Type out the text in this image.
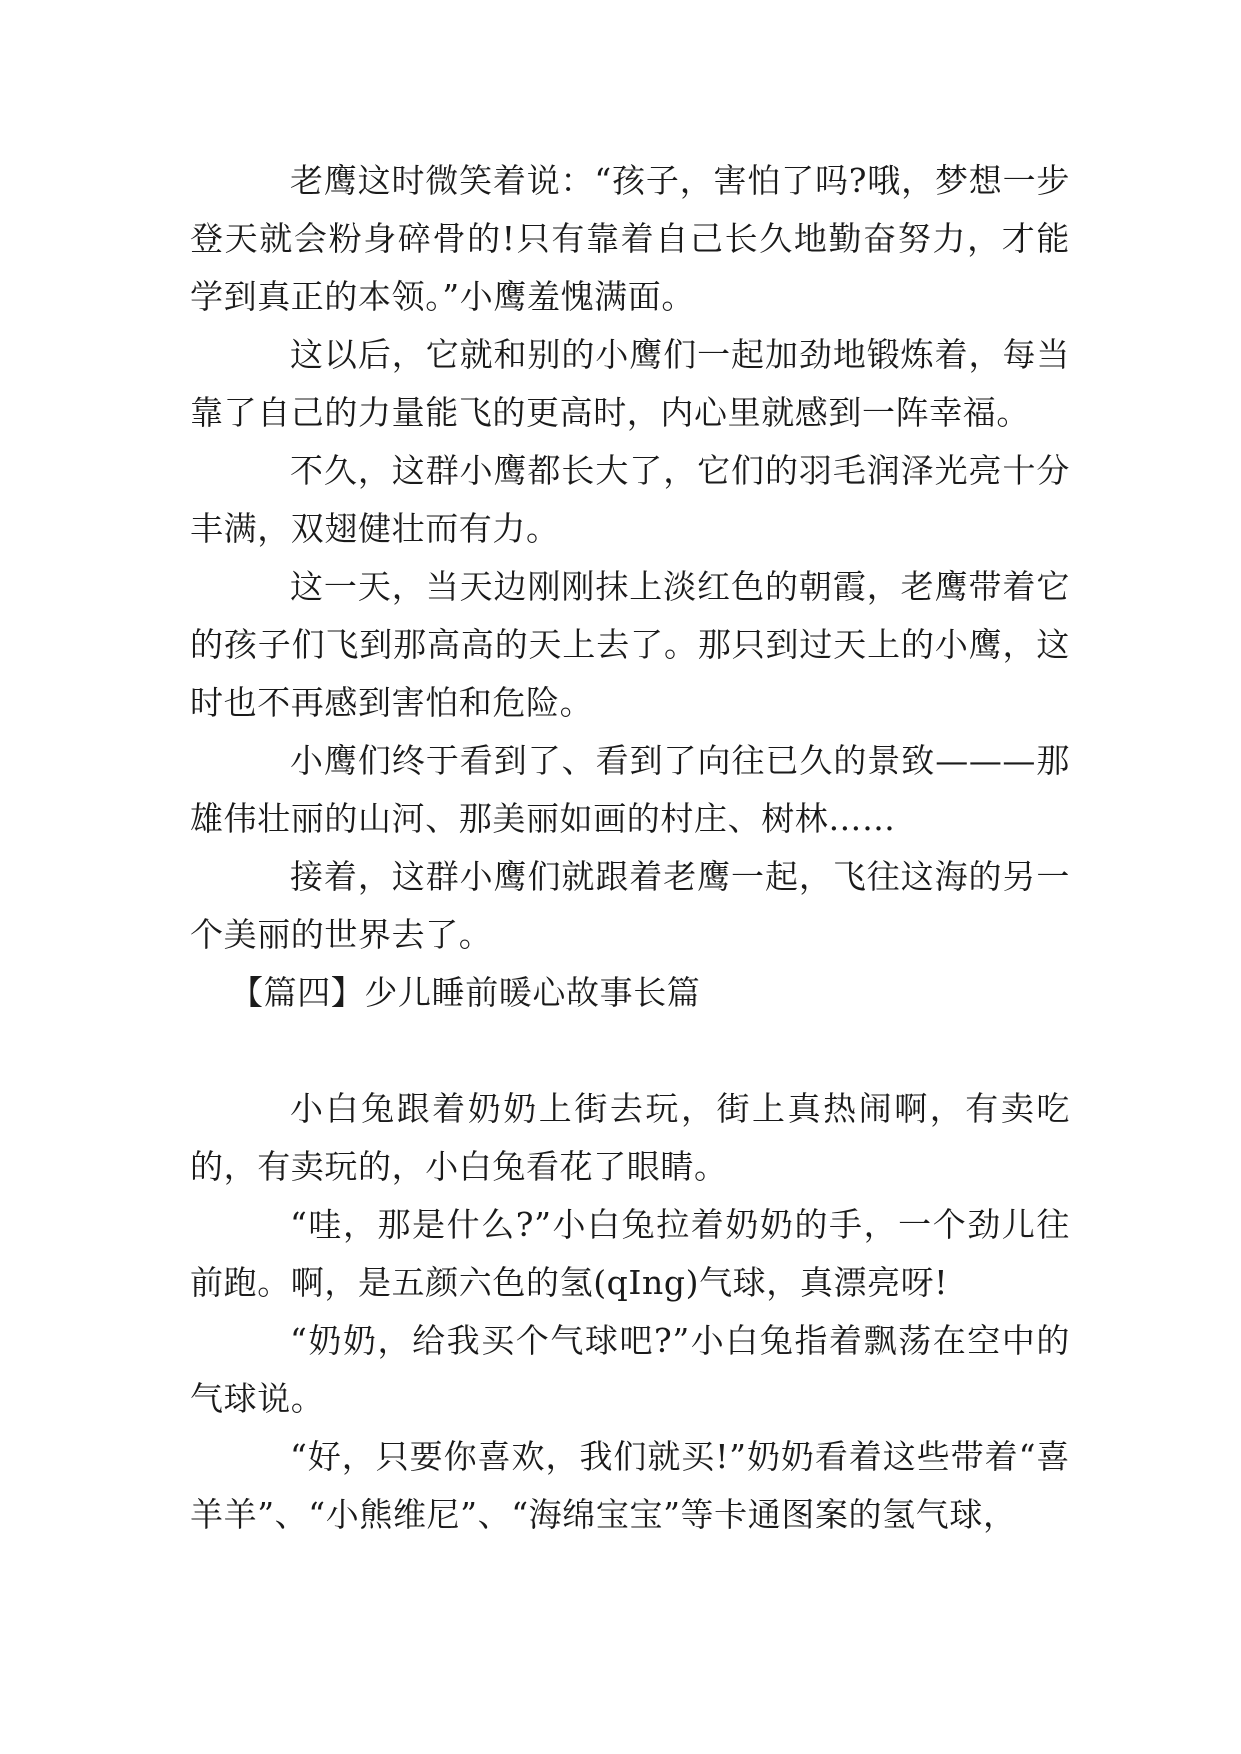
老鹰这时微笑着说：“孩子，害怕了吗?哦，梦想一步登天就会粉身碎骨的!只有靠着自己长久地勤奋努力，才能学到真正的本领。”小鹰羞愧满面。

这以后，它就和别的小鹰们一起加劲地锻炼着，每当靠了自己的力量能飞的更高时，内心里就感到一阵幸福。

不久，这群小鹰都长大了，它们的羽毛润泽光亮十分丰满，双翅健壮而有力。

这一天，当天边刚刚抹上淡红色的朝霞，老鹰带着它的孩子们飞到那高高的天上去了。那只到过天上的小鹰，这时也不再感到害怕和危险。

小鹰们终于看到了、看到了向往已久的景致———那雄伟壮丽的山河、那美丽如画的村庄、树林……

接着，这群小鹰们就跟着老鹰一起，飞往这海的另一个美丽的世界去了。

【篇四】少儿睡前暖心故事长篇

小白兔跟着奶奶上街去玩，街上真热闹啊，有卖吃的，有卖玩的，小白兔看花了眼睛。

“哇，那是什么?”小白兔拉着奶奶的手，一个劲儿往前跑。啊，是五颜六色的氢(qIng)气球，真漂亮呀!

“奶奶，给我买个气球吧?”小白兔指着飘荡在空中的气球说。

“好，只要你喜欢，我们就买!”奶奶看着这些带着“喜羊羊”、“小熊维尼”、“海绵宝宝”等卡通图案的氢气球，
